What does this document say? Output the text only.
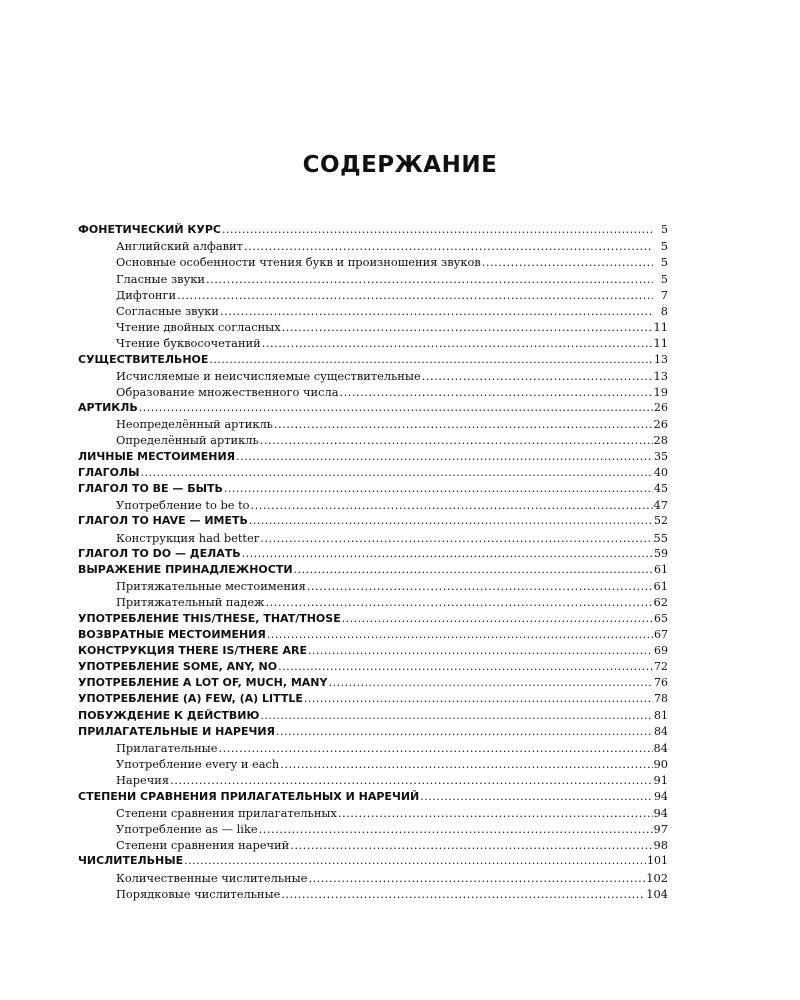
СОДЕРЖАНИЕ
ФОНЕТИЧЕСКИЙ КУРС .....	5
Английский алфавит .....	5
Основные особенности чтения букв и произношения звуков .....	5
Гласные звуки .....	5
Дифтонги .....	7
Согласные звуки .....	8
Чтение двойных согласных .....	11
Чтение буквосочетаний .....	11
СУЩЕСТВИТЕЛЬНОЕ .....	13
Исчисляемые и неисчисляемые существительные .....	13
Образование множественного числа .....	19
АРТИКЛЬ .....	26
Неопределённый артикль .....	26
Определённый артикль .....	28
ЛИЧНЫЕ МЕСТОИМЕНИЯ .....	35
ГЛАГОЛЫ .....	40
ГЛАГОЛ TO BE — БЫТЬ .....	45
Употребление to be to .....	47
ГЛАГОЛ TO HAVE — ИМЕТЬ .....	52
Конструкция had better .....	55
ГЛАГОЛ TO DO — ДЕЛАТЬ .....	59
ВЫРАЖЕНИЕ ПРИНАДЛЕЖНОСТИ .....	61
Притяжательные местоимения .....	61
Притяжательный падеж .....	62
УПОТРЕБЛЕНИЕ THIS/THESE, THAT/THOSE .....	65
ВОЗВРАТНЫЕ МЕСТОИМЕНИЯ .....	67
КОНСТРУКЦИЯ THERE IS/THERE ARE .....	69
УПОТРЕБЛЕНИЕ SOME, ANY, NO .....	72
УПОТРЕБЛЕНИЕ A LOT OF, MUCH, MANY .....	76
УПОТРЕБЛЕНИЕ (A) FEW, (A) LITTLE .....	78
ПОБУЖДЕНИЕ К ДЕЙСТВИЮ .....	81
ПРИЛАГАТЕЛЬНЫЕ И НАРЕЧИЯ .....	84
Прилагательные .....	84
Употребление every и each .....	90
Наречия .....	91
СТЕПЕНИ СРАВНЕНИЯ ПРИЛАГАТЕЛЬНЫХ И НАРЕЧИЙ .....	94
Степени сравнения прилагательных .....	94
Употребление as — like .....	97
Степени сравнения наречий .....	98
ЧИСЛИТЕЛЬНЫЕ .....	101
Количественные числительные .....	102
Порядковые числительные .....	104
